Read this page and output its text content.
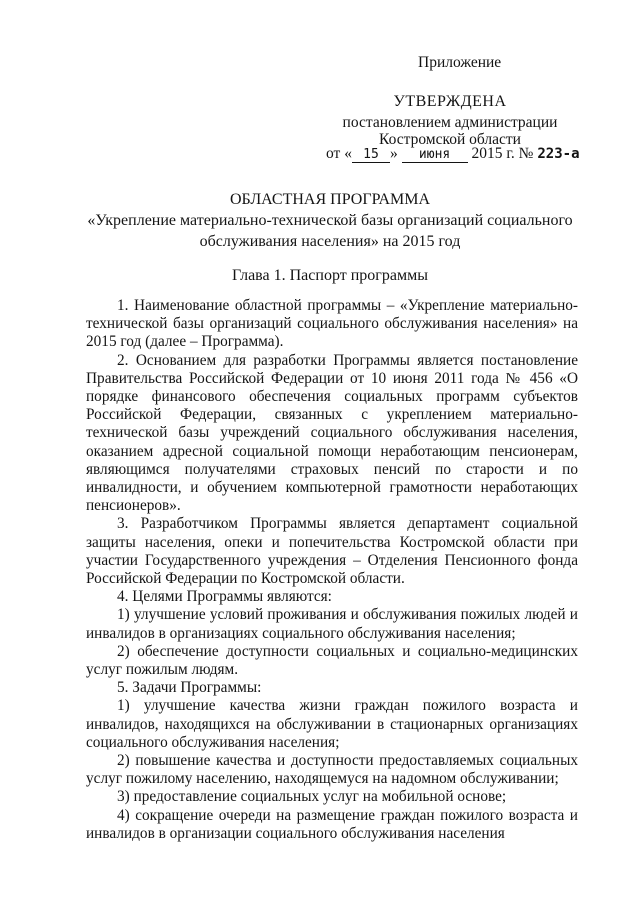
Приложение
УТВЕРЖДЕНА
постановлением администрации
Костромской области
от « 15 » июня 2015 г. № 223-а
ОБЛАСТНАЯ ПРОГРАММА
«Укрепление материально-технической базы организаций социального
обслуживания населения» на 2015 год
Глава 1. Паспорт программы

1. Наименование областной программы – «Укрепление материально-технической базы организаций социального обслуживания населения» на 2015 год (далее – Программа).

2. Основанием для разработки Программы является постановление Правительства Российской Федерации от 10 июня 2011 года № 456 «О порядке финансового обеспечения социальных программ субъектов Российской Федерации, связанных с укреплением материально-технической базы учреждений социального обслуживания населения, оказанием адресной социальной помощи неработающим пенсионерам, являющимся получателями страховых пенсий по старости и по инвалидности, и обучением компьютерной грамотности неработающих пенсионеров».

3. Разработчиком Программы является департамент социальной защиты населения, опеки и попечительства Костромской области при участии Государственного учреждения – Отделения Пенсионного фонда Российской Федерации по Костромской области.

4. Целями Программы являются:

1) улучшение условий проживания и обслуживания пожилых людей и инвалидов в организациях социального обслуживания населения;

2) обеспечение доступности социальных и социально-медицинских услуг пожилым людям.

5. Задачи Программы:

1) улучшение качества жизни граждан пожилого возраста и инвалидов, находящихся на обслуживании в стационарных организациях социального обслуживания населения;

2) повышение качества и доступности предоставляемых социальных услуг пожилому населению, находящемуся на надомном обслуживании;

3) предоставление социальных услуг на мобильной основе;

4) сокращение очереди на размещение граждан пожилого возраста и инвалидов в организации социального обслуживания населения
